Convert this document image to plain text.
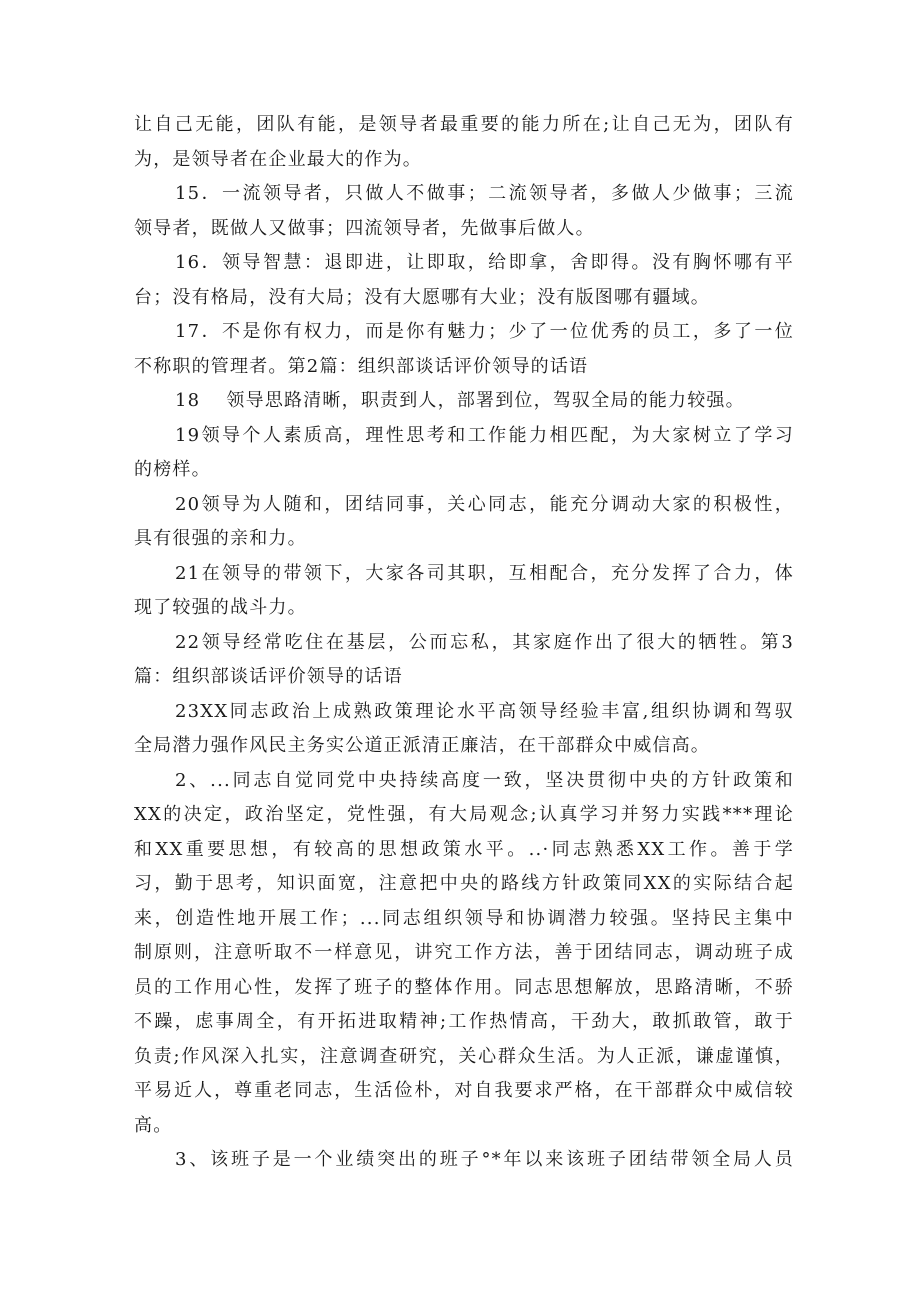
让自己无能，团队有能，是领导者最重要的能力所在;让自己无为，团队有
为，是领导者在企业最大的作为。
15．一流领导者，只做人不做事；二流领导者，多做人少做事；三流
领导者，既做人又做事；四流领导者，先做事后做人。
16．领导智慧：退即进，让即取，给即拿，舍即得。没有胸怀哪有平
台；没有格局，没有大局；没有大愿哪有大业；没有版图哪有疆域。
17．不是你有权力，而是你有魅力；少了一位优秀的员工，多了一位
不称职的管理者。第2篇：组织部谈话评价领导的话语
18　 领导思路清晰，职责到人，部署到位，驾驭全局的能力较强。
19领导个人素质高，理性思考和工作能力相匹配，为大家树立了学习
的榜样。
20领导为人随和，团结同事，关心同志，能充分调动大家的积极性，
具有很强的亲和力。
21在领导的带领下，大家各司其职，互相配合，充分发挥了合力，体
现了较强的战斗力。
22领导经常吃住在基层，公而忘私，其家庭作出了很大的牺牲。第3
篇：组织部谈话评价领导的话语
23XX同志政治上成熟政策理论水平高领导经验丰富,组织协调和驾驭
全局潜力强作风民主务实公道正派清正廉洁，在干部群众中威信高。
2、...同志自觉同党中央持续高度一致，坚决贯彻中央的方针政策和
XX的决定，政治坚定，党性强，有大局观念;认真学习并努力实践***理论
和XX重要思想，有较高的思想政策水平。..·同志熟悉XX工作。善于学
习，勤于思考，知识面宽，注意把中央的路线方针政策同XX的实际结合起
来，创造性地开展工作；...同志组织领导和协调潜力较强。坚持民主集中
制原则，注意听取不一样意见，讲究工作方法，善于团结同志，调动班子成
员的工作用心性，发挥了班子的整体作用。同志思想解放，思路清晰，不骄
不躁，虑事周全，有开拓进取精神;工作热情高，干劲大，敢抓敢管，敢于
负责;作风深入扎实，注意调查研究，关心群众生活。为人正派，谦虚谨慎，
平易近人，尊重老同志，生活俭朴，对自我要求严格，在干部群众中威信较
高。
3、该班子是一个业绩突出的班子°*年以来该班子团结带领全局人员
